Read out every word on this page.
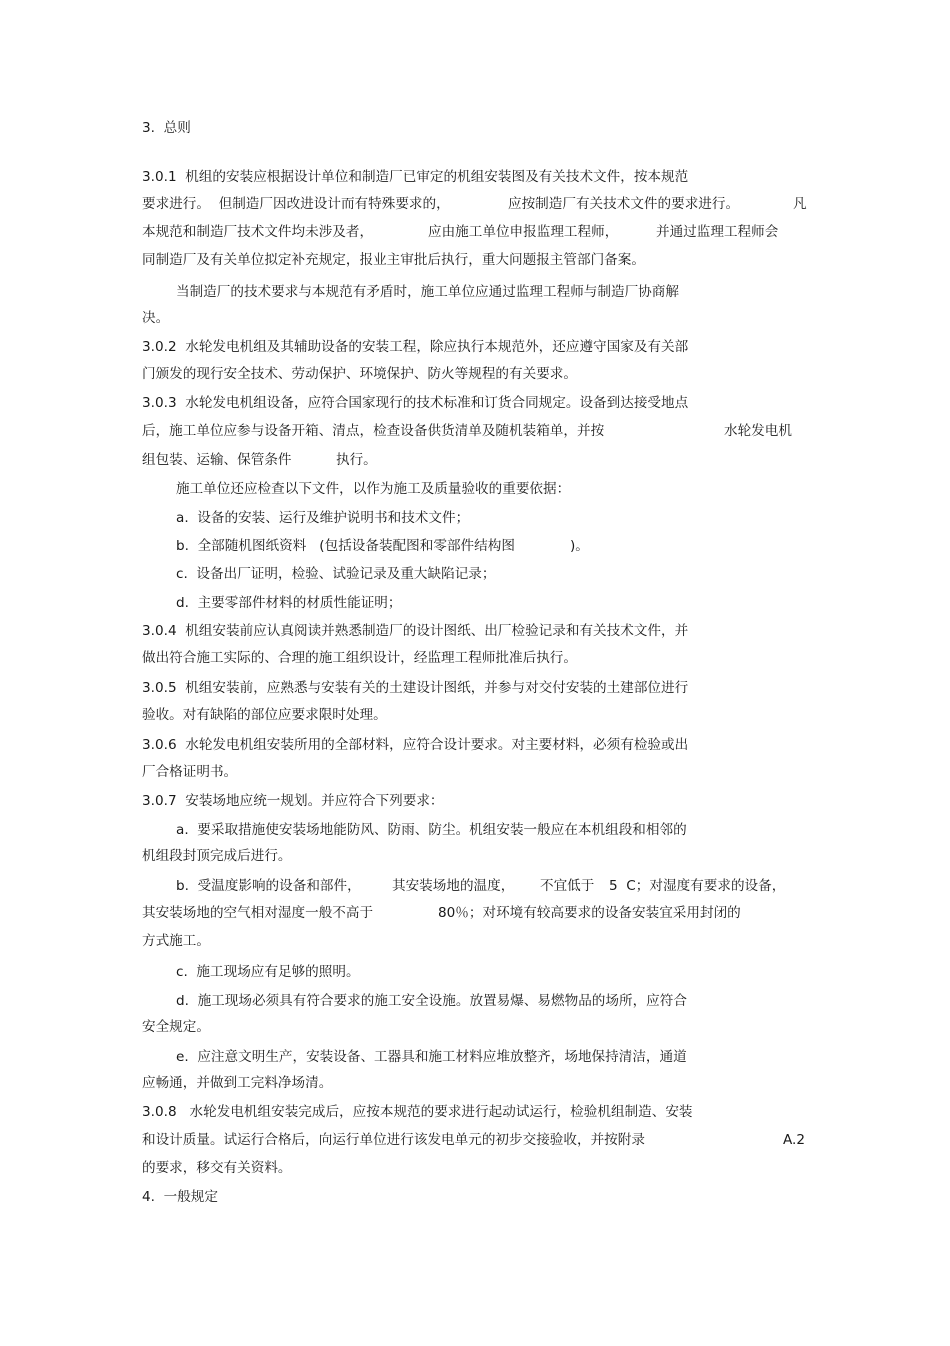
3.  总则
3.0.1  机组的安装应根据设计单位和制造厂已审定的机组安装图及有关技术文件，按本规范
要求进行。  但制造厂因改进设计而有特殊要求的，	应按制造厂有关技术文件的要求进行。	凡
本规范和制造厂技术文件均未涉及者，	应由施工单位申报监理工程师，	并通过监理工程师会
同制造厂及有关单位拟定补充规定，报业主审批后执行，重大问题报主管部门备案。
当制造厂的技术要求与本规范有矛盾时，施工单位应通过监理工程师与制造厂协商解
决。
3.0.2  水轮发电机组及其辅助设备的安装工程，除应执行本规范外，还应遵守国家及有关部
门颁发的现行安全技术、劳动保护、环境保护、防火等规程的有关要求。
3.0.3  水轮发电机组设备，应符合国家现行的技术标准和订货合同规定。设备到达接受地点
后，施工单位应参与设备开箱、清点，检查设备供货清单及随机装箱单，并按	水轮发电机
组包装、运输、保管条件	执行。
施工单位还应检查以下文件，以作为施工及质量验收的重要依据：
a.  设备的安装、运行及维护说明书和技术文件；
b.  全部随机图纸资料   (包括设备装配图和零部件结构图	)。
c.  设备出厂证明，检验、试验记录及重大缺陷记录；
d.  主要零部件材料的材质性能证明；
3.0.4  机组安装前应认真阅读并熟悉制造厂的设计图纸、出厂检验记录和有关技术文件，并
做出符合施工实际的、合理的施工组织设计，经监理工程师批准后执行。
3.0.5  机组安装前，应熟悉与安装有关的土建设计图纸，并参与对交付安装的土建部位进行
验收。对有缺陷的部位应要求限时处理。
3.0.6  水轮发电机组安装所用的全部材料，应符合设计要求。对主要材料，必须有检验或出
厂合格证明书。
3.0.7  安装场地应统一规划。并应符合下列要求：
a.  要采取措施使安装场地能防风、防雨、防尘。机组安装一般应在本机组段和相邻的
机组段封顶完成后进行。
b.  受温度影响的设备和部件， 其安装场地的温度， 不宜低于 5  C；对湿度有要求的设备，
其安装场地的空气相对湿度一般不高于	80％；对环境有较高要求的设备安装宜采用封闭的
方式施工。
c.  施工现场应有足够的照明。
d.  施工现场必须具有符合要求的施工安全设施。放置易爆、易燃物品的场所，应符合
安全规定。
e.  应注意文明生产，安装设备、工器具和施工材料应堆放整齐，场地保持清洁，通道
应畅通，并做到工完料净场清。
3.0.8   水轮发电机组安装完成后，应按本规范的要求进行起动试运行，检验机组制造、安装
和设计质量。试运行合格后，向运行单位进行该发电单元的初步交接验收，并按附录	A.2
的要求，移交有关资料。
4.  一般规定
